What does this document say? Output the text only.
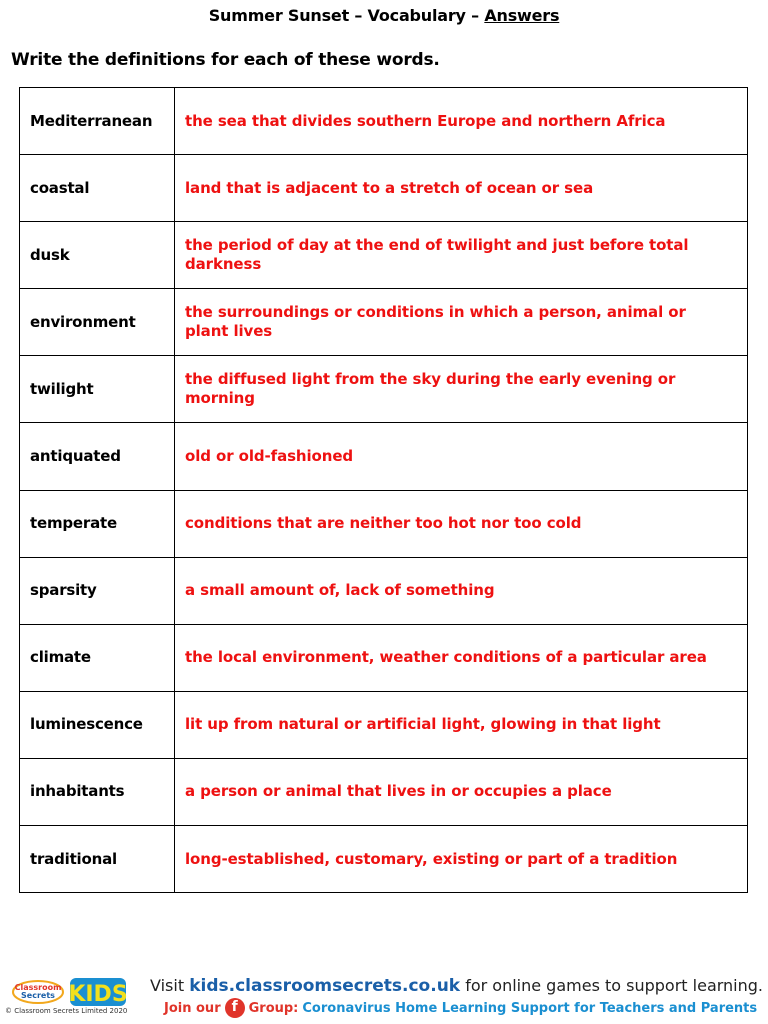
Summer Sunset – Vocabulary – Answers
Write the definitions for each of these words.
Mediterranean	the sea that divides southern Europe and northern Africa
coastal	land that is adjacent to a stretch of ocean or sea
dusk	the period of day at the end of twilight and just before total darkness
environment	the surroundings or conditions in which a person, animal or plant lives
twilight	the diffused light from the sky during the early evening or morning
antiquated	old or old-fashioned
temperate	conditions that are neither too hot nor too cold
sparsity	a small amount of, lack of something
climate	the local environment, weather conditions of a particular area
luminescence	lit up from natural or artificial light, glowing in that light
inhabitants	a person or animal that lives in or occupies a place
traditional	long-established, customary, existing or part of a tradition
Classroom
Secrets KIDS
© Classroom Secrets Limited 2020
Visit kids.classroomsecrets.co.uk for online games to support learning.
Join our f Group: Coronavirus Home Learning Support for Teachers and Parents
